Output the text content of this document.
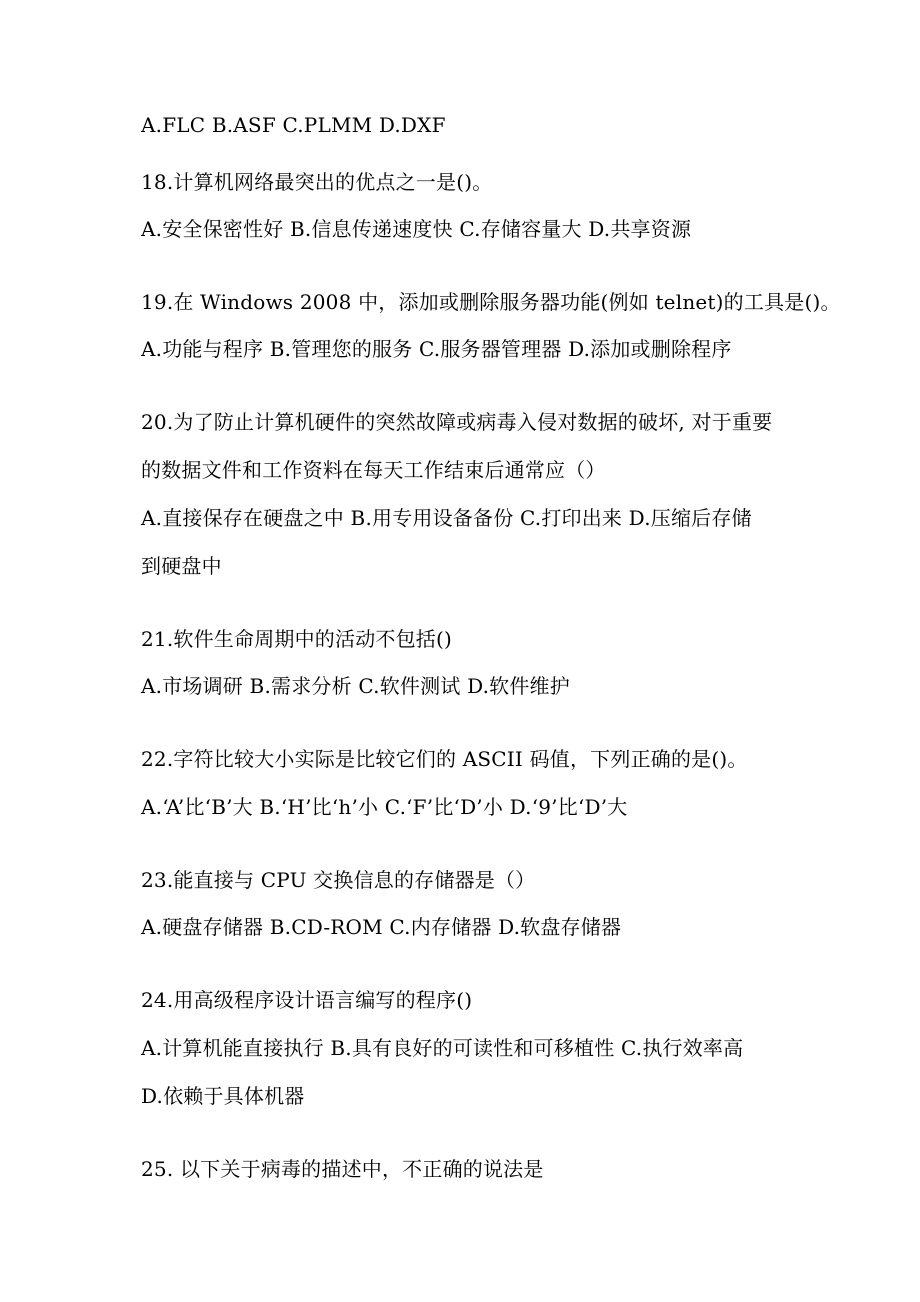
A.FLC B.ASF C.PLMM D.DXF
18.计算机网络最突出的优点之一是()。
A.安全保密性好 B.信息传递速度快 C.存储容量大 D.共享资源
19.在 Windows 2008 中，添加或删除服务器功能(例如 telnet)的工具是()。
A.功能与程序 B.管理您的服务 C.服务器管理器 D.添加或删除程序
20.为了防止计算机硬件的突然故障或病毒入侵对数据的破坏, 对于重要
的数据文件和工作资料在每天工作结束后通常应（）
A.直接保存在硬盘之中 B.用专用设备备份 C.打印出来 D.压缩后存储
到硬盘中
21.软件生命周期中的活动不包括()
A.市场调研 B.需求分析 C.软件测试 D.软件维护
22.字符比较大小实际是比较它们的 ASCII 码值，下列正确的是()。
A.‘A’比‘B’大 B.‘H’比‘h’小 C.‘F’比‘D’小 D.‘9’比‘D’大
23.能直接与 CPU 交换信息的存储器是（）
A.硬盘存储器 B.CD-ROM C.内存储器 D.软盘存储器
24.用高级程序设计语言编写的程序()
A.计算机能直接执行 B.具有良好的可读性和可移植性 C.执行效率高
D.依赖于具体机器
25. 以下关于病毒的描述中，不正确的说法是
